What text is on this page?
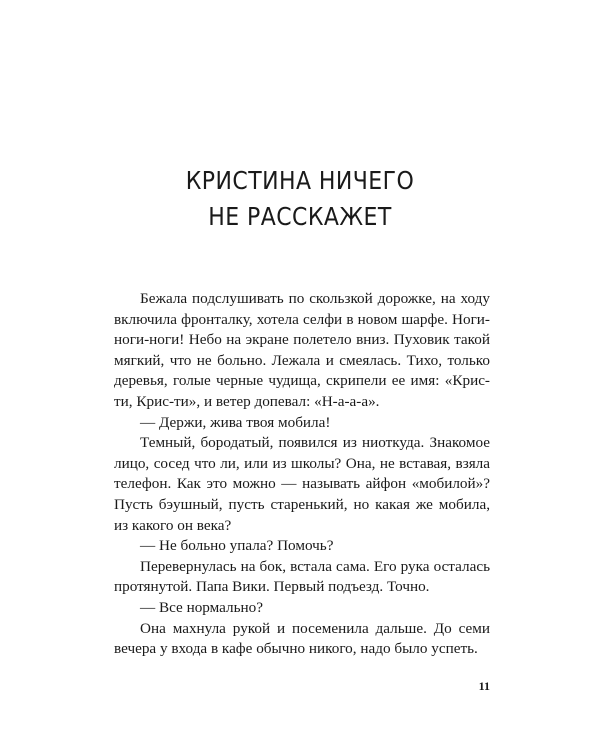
КРИСТИНА НИЧЕГО
НЕ РАССКАЖЕТ

Бежала подслушивать по скользкой дорожке, на ходу включила фронталку, хотела селфи в новом шарфе. Ноги-ноги-ноги! Небо на экране полетело вниз. Пуховик такой мягкий, что не больно. Лежала и смеялась. Тихо, только деревья, голые черные чудища, скрипели ее имя: «Крис-ти, Крис-ти», и ветер допевал: «Н-а-а-а».

— Держи, жива твоя мобила!

Темный, бородатый, появился из ниоткуда. Знакомое лицо, сосед что ли, или из школы? Она, не вставая, взяла телефон. Как это можно — называть айфон «мобилой»? Пусть бэушный, пусть старенький, но какая же мобила, из какого он века?

— Не больно упала? Помочь?

Перевернулась на бок, встала сама. Его рука осталась протянутой. Папа Вики. Первый подъезд. Точно.

— Все нормально?

Она махнула рукой и посеменила дальше. До семи вечера у входа в кафе обычно никого, надо было успеть.

11
